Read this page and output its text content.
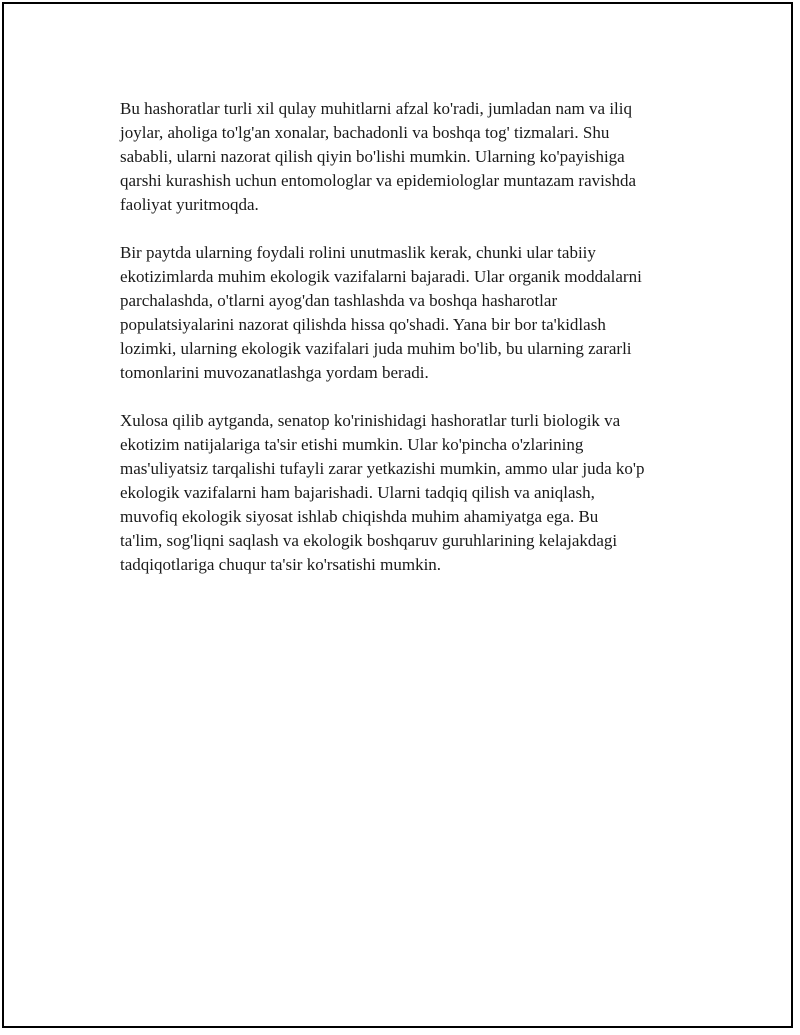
Bu hashoratlar turli xil qulay muhitlarni afzal ko'radi, jumladan nam va iliq
joylar, aholiga to'lg'an xonalar, bachadonli va boshqa tog' tizmalari. Shu
sababli, ularni nazorat qilish qiyin bo'lishi mumkin. Ularning ko'payishiga
qarshi kurashish uchun entomologlar va epidemiologlar muntazam ravishda
faoliyat yuritmoqda.

Bir paytda ularning foydali rolini unutmaslik kerak, chunki ular tabiiy
ekotizimlarda muhim ekologik vazifalarni bajaradi. Ular organik moddalarni
parchalashda, o'tlarni ayog'dan tashlashda va boshqa hasharotlar
populatsiyalarini nazorat qilishda hissa qo'shadi. Yana bir bor ta'kidlash
lozimki, ularning ekologik vazifalari juda muhim bo'lib, bu ularning zararli
tomonlarini muvozanatlashga yordam beradi.

Xulosa qilib aytganda, senatop ko'rinishidagi hashoratlar turli biologik va
ekotizim natijalariga ta'sir etishi mumkin. Ular ko'pincha o'zlarining
mas'uliyatsiz tarqalishi tufayli zarar yetkazishi mumkin, ammo ular juda ko'p
ekologik vazifalarni ham bajarishadi. Ularni tadqiq qilish va aniqlash,
muvofiq ekologik siyosat ishlab chiqishda muhim ahamiyatga ega. Bu
ta'lim, sog'liqni saqlash va ekologik boshqaruv guruhlarining kelajakdagi
tadqiqotlariga chuqur ta'sir ko'rsatishi mumkin.
